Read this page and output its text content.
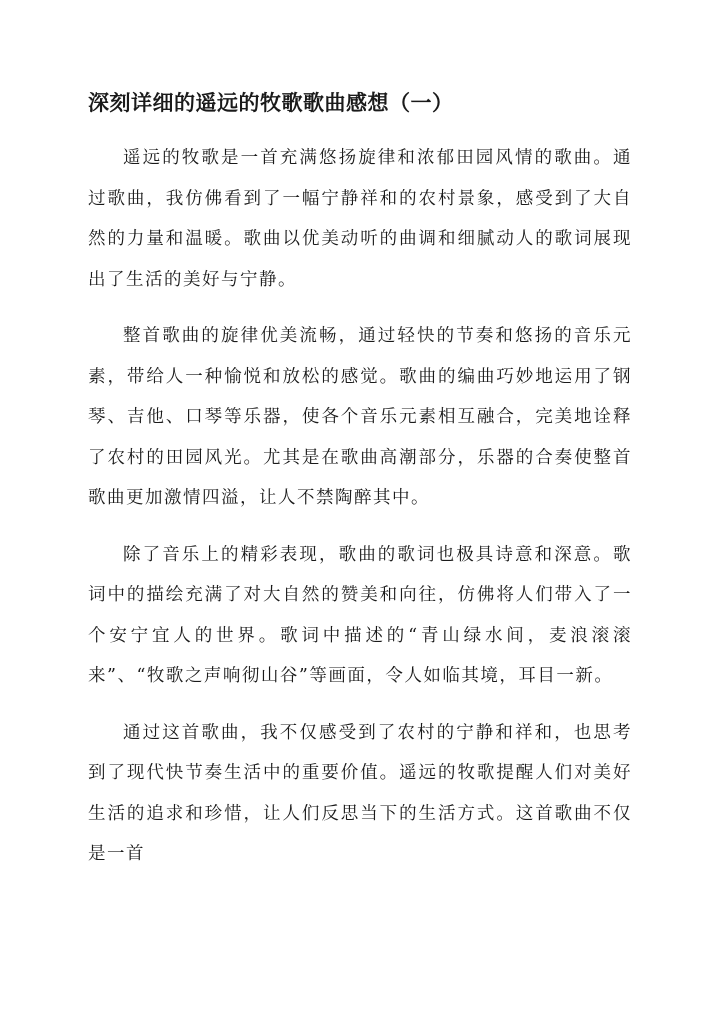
深刻详细的遥远的牧歌歌曲感想（一）

遥远的牧歌是一首充满悠扬旋律和浓郁田园风情的歌曲。通过歌曲，我仿佛看到了一幅宁静祥和的农村景象，感受到了大自然的力量和温暖。歌曲以优美动听的曲调和细腻动人的歌词展现出了生活的美好与宁静。

整首歌曲的旋律优美流畅，通过轻快的节奏和悠扬的音乐元素，带给人一种愉悦和放松的感觉。歌曲的编曲巧妙地运用了钢琴、吉他、口琴等乐器，使各个音乐元素相互融合，完美地诠释了农村的田园风光。尤其是在歌曲高潮部分，乐器的合奏使整首歌曲更加激情四溢，让人不禁陶醉其中。

除了音乐上的精彩表现，歌曲的歌词也极具诗意和深意。歌词中的描绘充满了对大自然的赞美和向往，仿佛将人们带入了一个安宁宜人的世界。歌词中描述的“青山绿水间，麦浪滚滚来”、“牧歌之声响彻山谷”等画面，令人如临其境，耳目一新。

通过这首歌曲，我不仅感受到了农村的宁静和祥和，也思考到了现代快节奏生活中的重要价值。遥远的牧歌提醒人们对美好生活的追求和珍惜，让人们反思当下的生活方式。这首歌曲不仅是一首
